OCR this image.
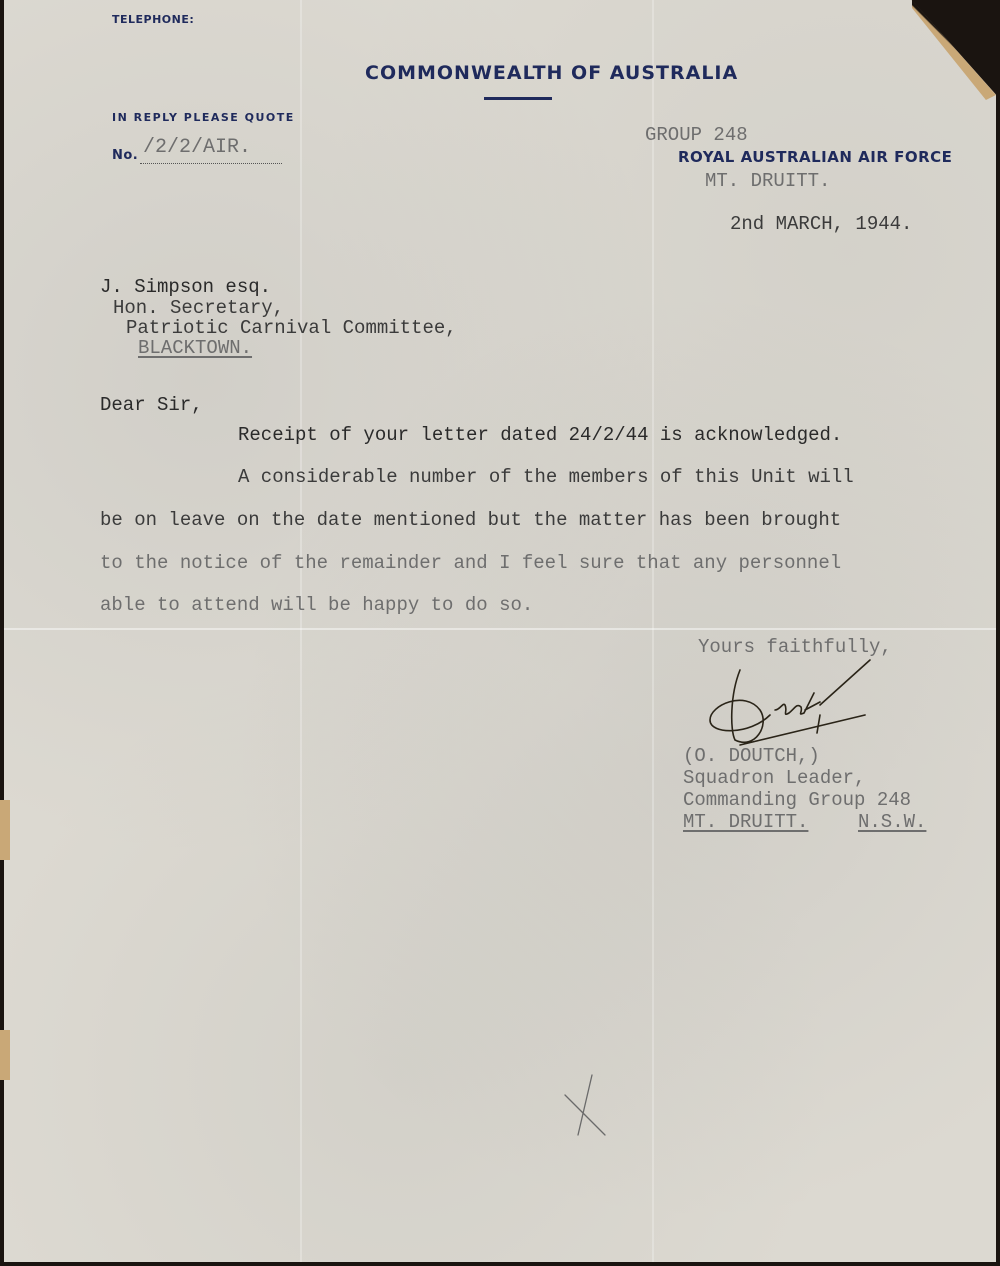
TELEPHONE:
COMMONWEALTH OF AUSTRALIA
IN REPLY PLEASE QUOTE
No. /2/2/AIR.
GROUP 248
ROYAL AUSTRALIAN AIR FORCE
MT. DRUITT.
2nd MARCH, 1944.
J. Simpson esq.
Hon. Secretary,
Patriotic Carnival Committee,
BLACKTOWN.
Dear Sir,
Receipt of your letter dated 24/2/44 is acknowledged.
A considerable number of the members of this Unit will
be on leave on the date mentioned but the matter has been brought
to the notice of the remainder and I feel sure that any personnel
able to attend will be happy to do so.
Yours faithfully,
(O. DOUTCH,)
Squadron Leader,
Commanding Group 248
MT. DRUITT.	N.S.W.
